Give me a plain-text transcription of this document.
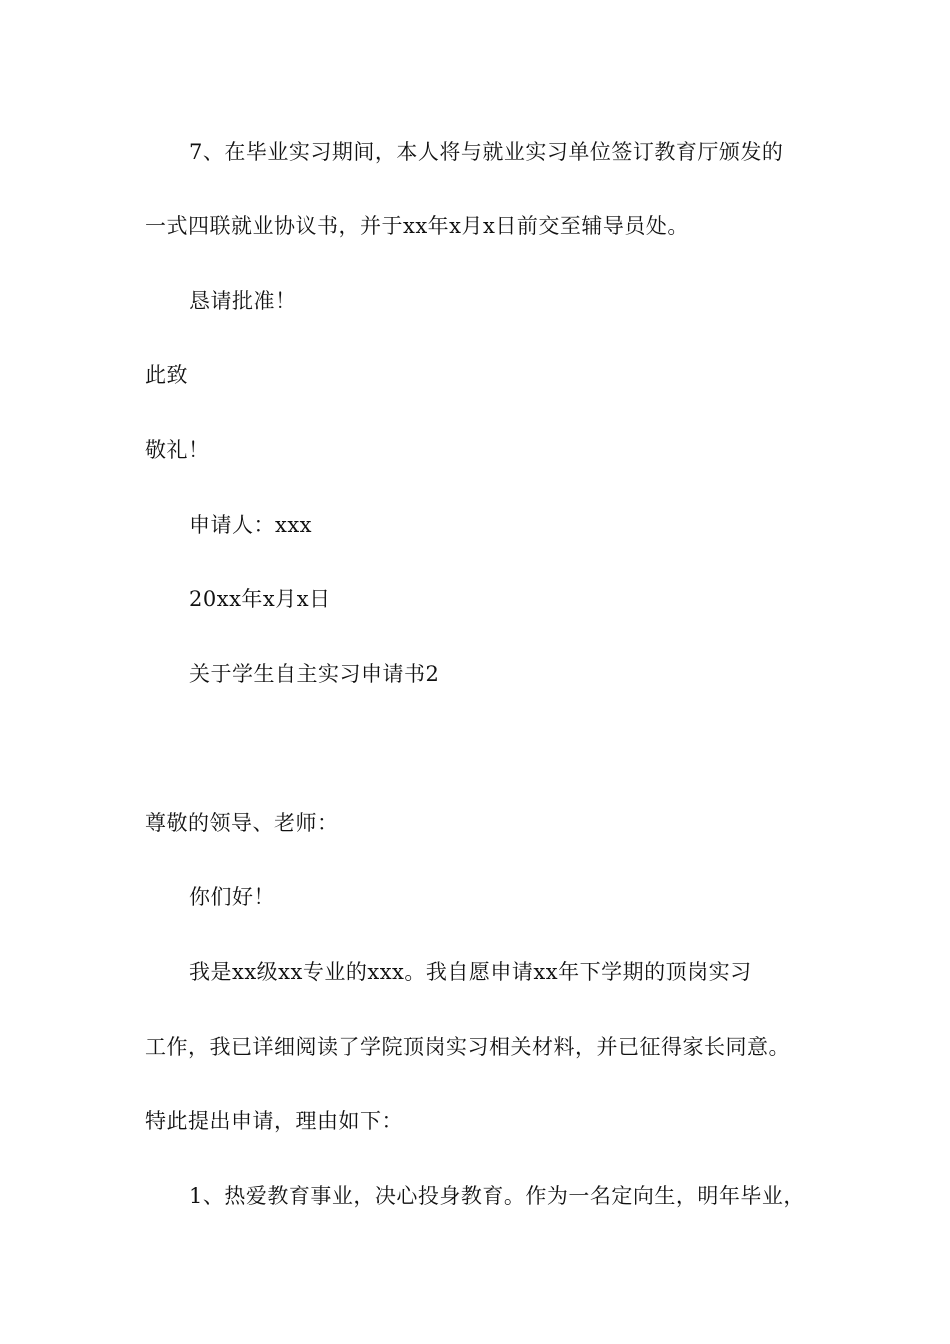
7、在毕业实习期间，本人将与就业实习单位签订教育厅颁发的
一式四联就业协议书，并于xx年x月x日前交至辅导员处。
恳请批准！
此致
敬礼！
申请人：xxx
20xx年x月x日
关于学生自主实习申请书2
尊敬的领导、老师：
你们好！
我是xx级xx专业的xxx。我自愿申请xx年下学期的顶岗实习
工作，我已详细阅读了学院顶岗实习相关材料，并已征得家长同意。
特此提出申请，理由如下：
1、热爱教育事业，决心投身教育。作为一名定向生，明年毕业，
